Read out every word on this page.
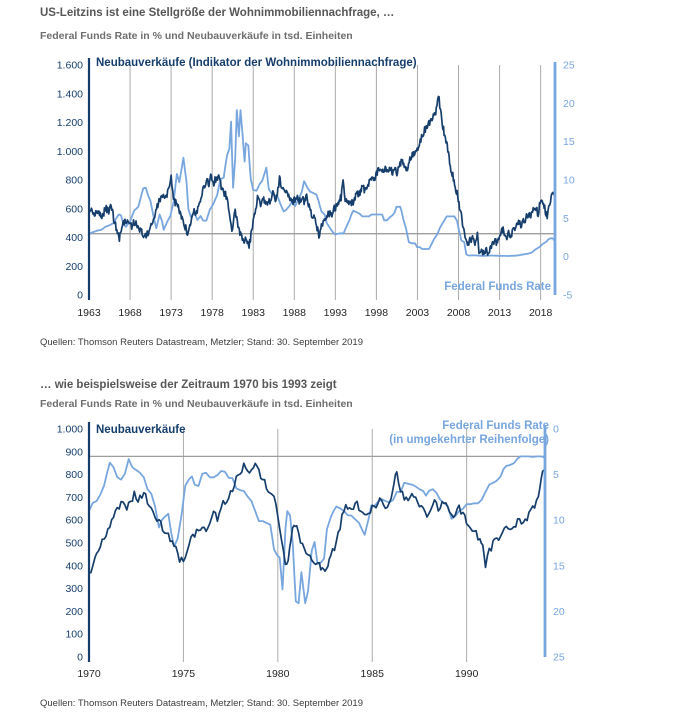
US-Leitzins ist eine Stellgröße der Wohnimmobiliennachfrage, …
Federal Funds Rate in % und Neubauverkäufe in tsd. Einheiten
1963 1968 1973 1978 1983 1988 1993 1998 2003 2008 2013 2018
0
200
400
600
800
1.000
1.200
1.400
1.600
-5
0
5
10
15
20
25
Neubauverkäufe (Indikator der Wohnimmobiliennachfrage)
Federal Funds Rate
Quellen: Thomson Reuters Datastream, Metzler; Stand: 30. September 2019
… wie beispielsweise der Zeitraum 1970 bis 1993 zeigt
Federal Funds Rate in % und Neubauverkäufe in tsd. Einheiten
1970	1975	1980	1985	1990
0
100
200
300
400
500
600
700
800
900
1.000	0
5
10
15
20
25
Neubauverkäufe	Federal Funds Rate
(in umgekehrter Reihenfolge)
Quellen: Thomson Reuters Datastream, Metzler; Stand: 30. September 2019
